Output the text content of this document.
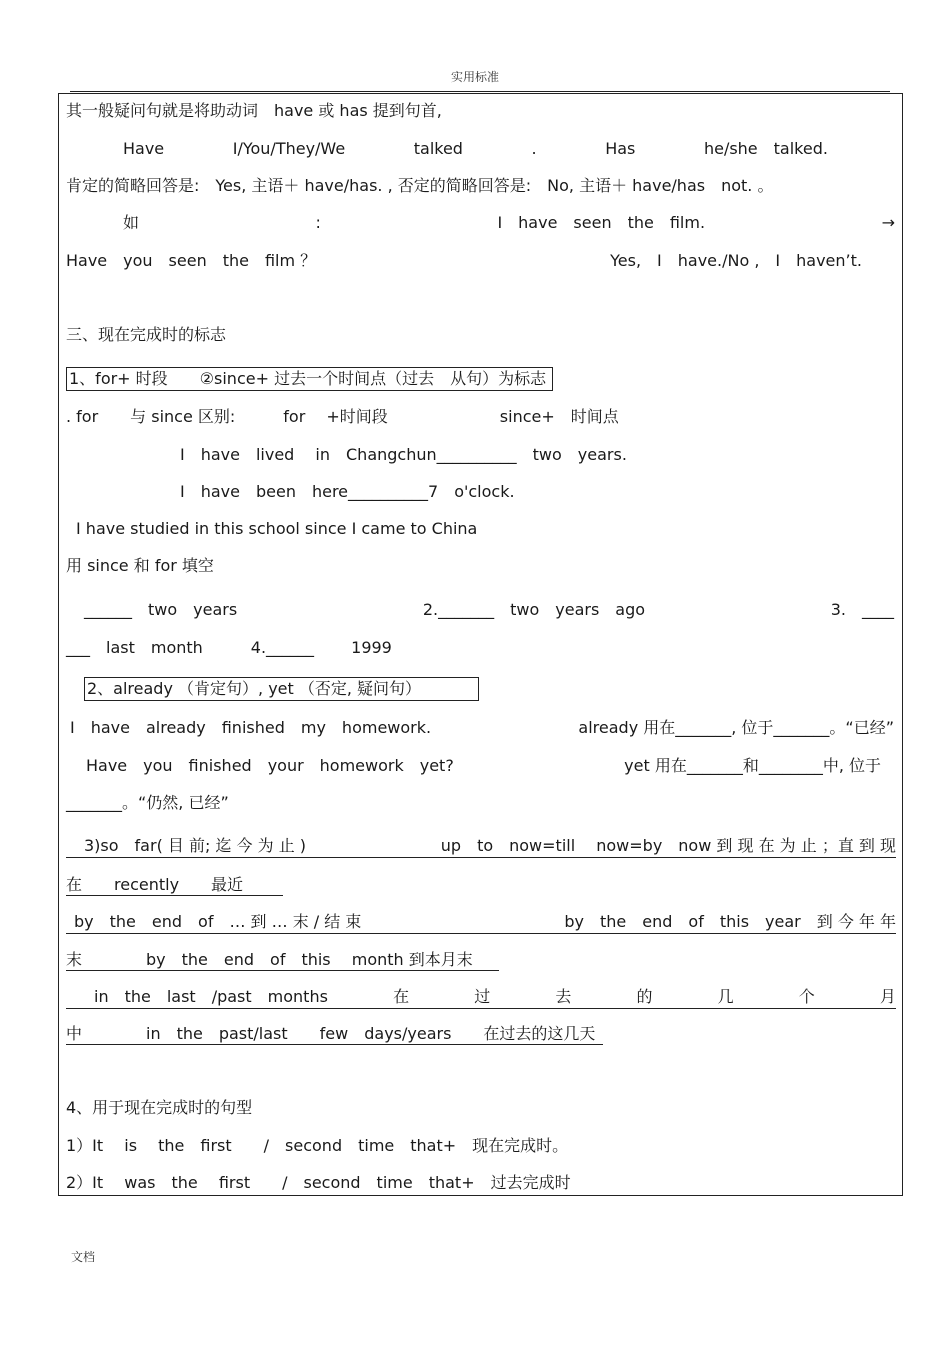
实用标准
其一般疑问句就是将助动词　have 或 has 提到句首,
Have	I/You/They/We	talked	.	Has	he/she　talked.
肯定的简略回答是:　Yes, 主语＋ have/has. , 否定的简略回答是:　No, 主语＋ have/has　not. 。
如	:	I　have　seen　the　film.	→
Have　you　seen　the　film ？	Yes,　I　have./No ,　I　haven’t.
三、现在完成时的标志
1、for+ 时段　　②since+ 过去一个时间点（过去　从句）为标志
. for　　与 since 区别:　　　for　 +时间段　　　　　　　since+　时间点
I　have　lived　 in　Changchun__________　two　years.
I　have　been　here__________7　o'clock.
I have studied in this school since I came to China
用 since 和 for 填空
______　two　years	2._______　two　years　ago	3.　____
___　last　month　　　4.______　　 1999
2、already （肯定句）, yet （否定, 疑问句）
I　have　already　finished　my　homework.	already 用在_______, 位于_______。“已经”
Have　you　finished　your　homework　yet?	yet 用在_______和________中, 位于
_______。“仍然, 已经”
3)so　far( 目 前; 迄 今 为 止 )	up　to　now=till　 now=by　now 到 现 在 为 止 ；直 到 现
在　　recently　　最近
by　the　end　of　… 到 … 末 / 结 束	by　the　end　of　this　year　到 今 年 年
末　　　　by　the　end　of　this　 month 到本月末
in　the　last　/past　months	在	过	去	的	几	个	月
中　　　　in　the　past/last　　few　days/years　　在过去的这几天
4、用于现在完成时的句型
1）It　 is　 the　first　　/　second　time　that+　现在完成时。
2）It　 was　the　 first　　/　second　time　that+　过去完成时
文档
